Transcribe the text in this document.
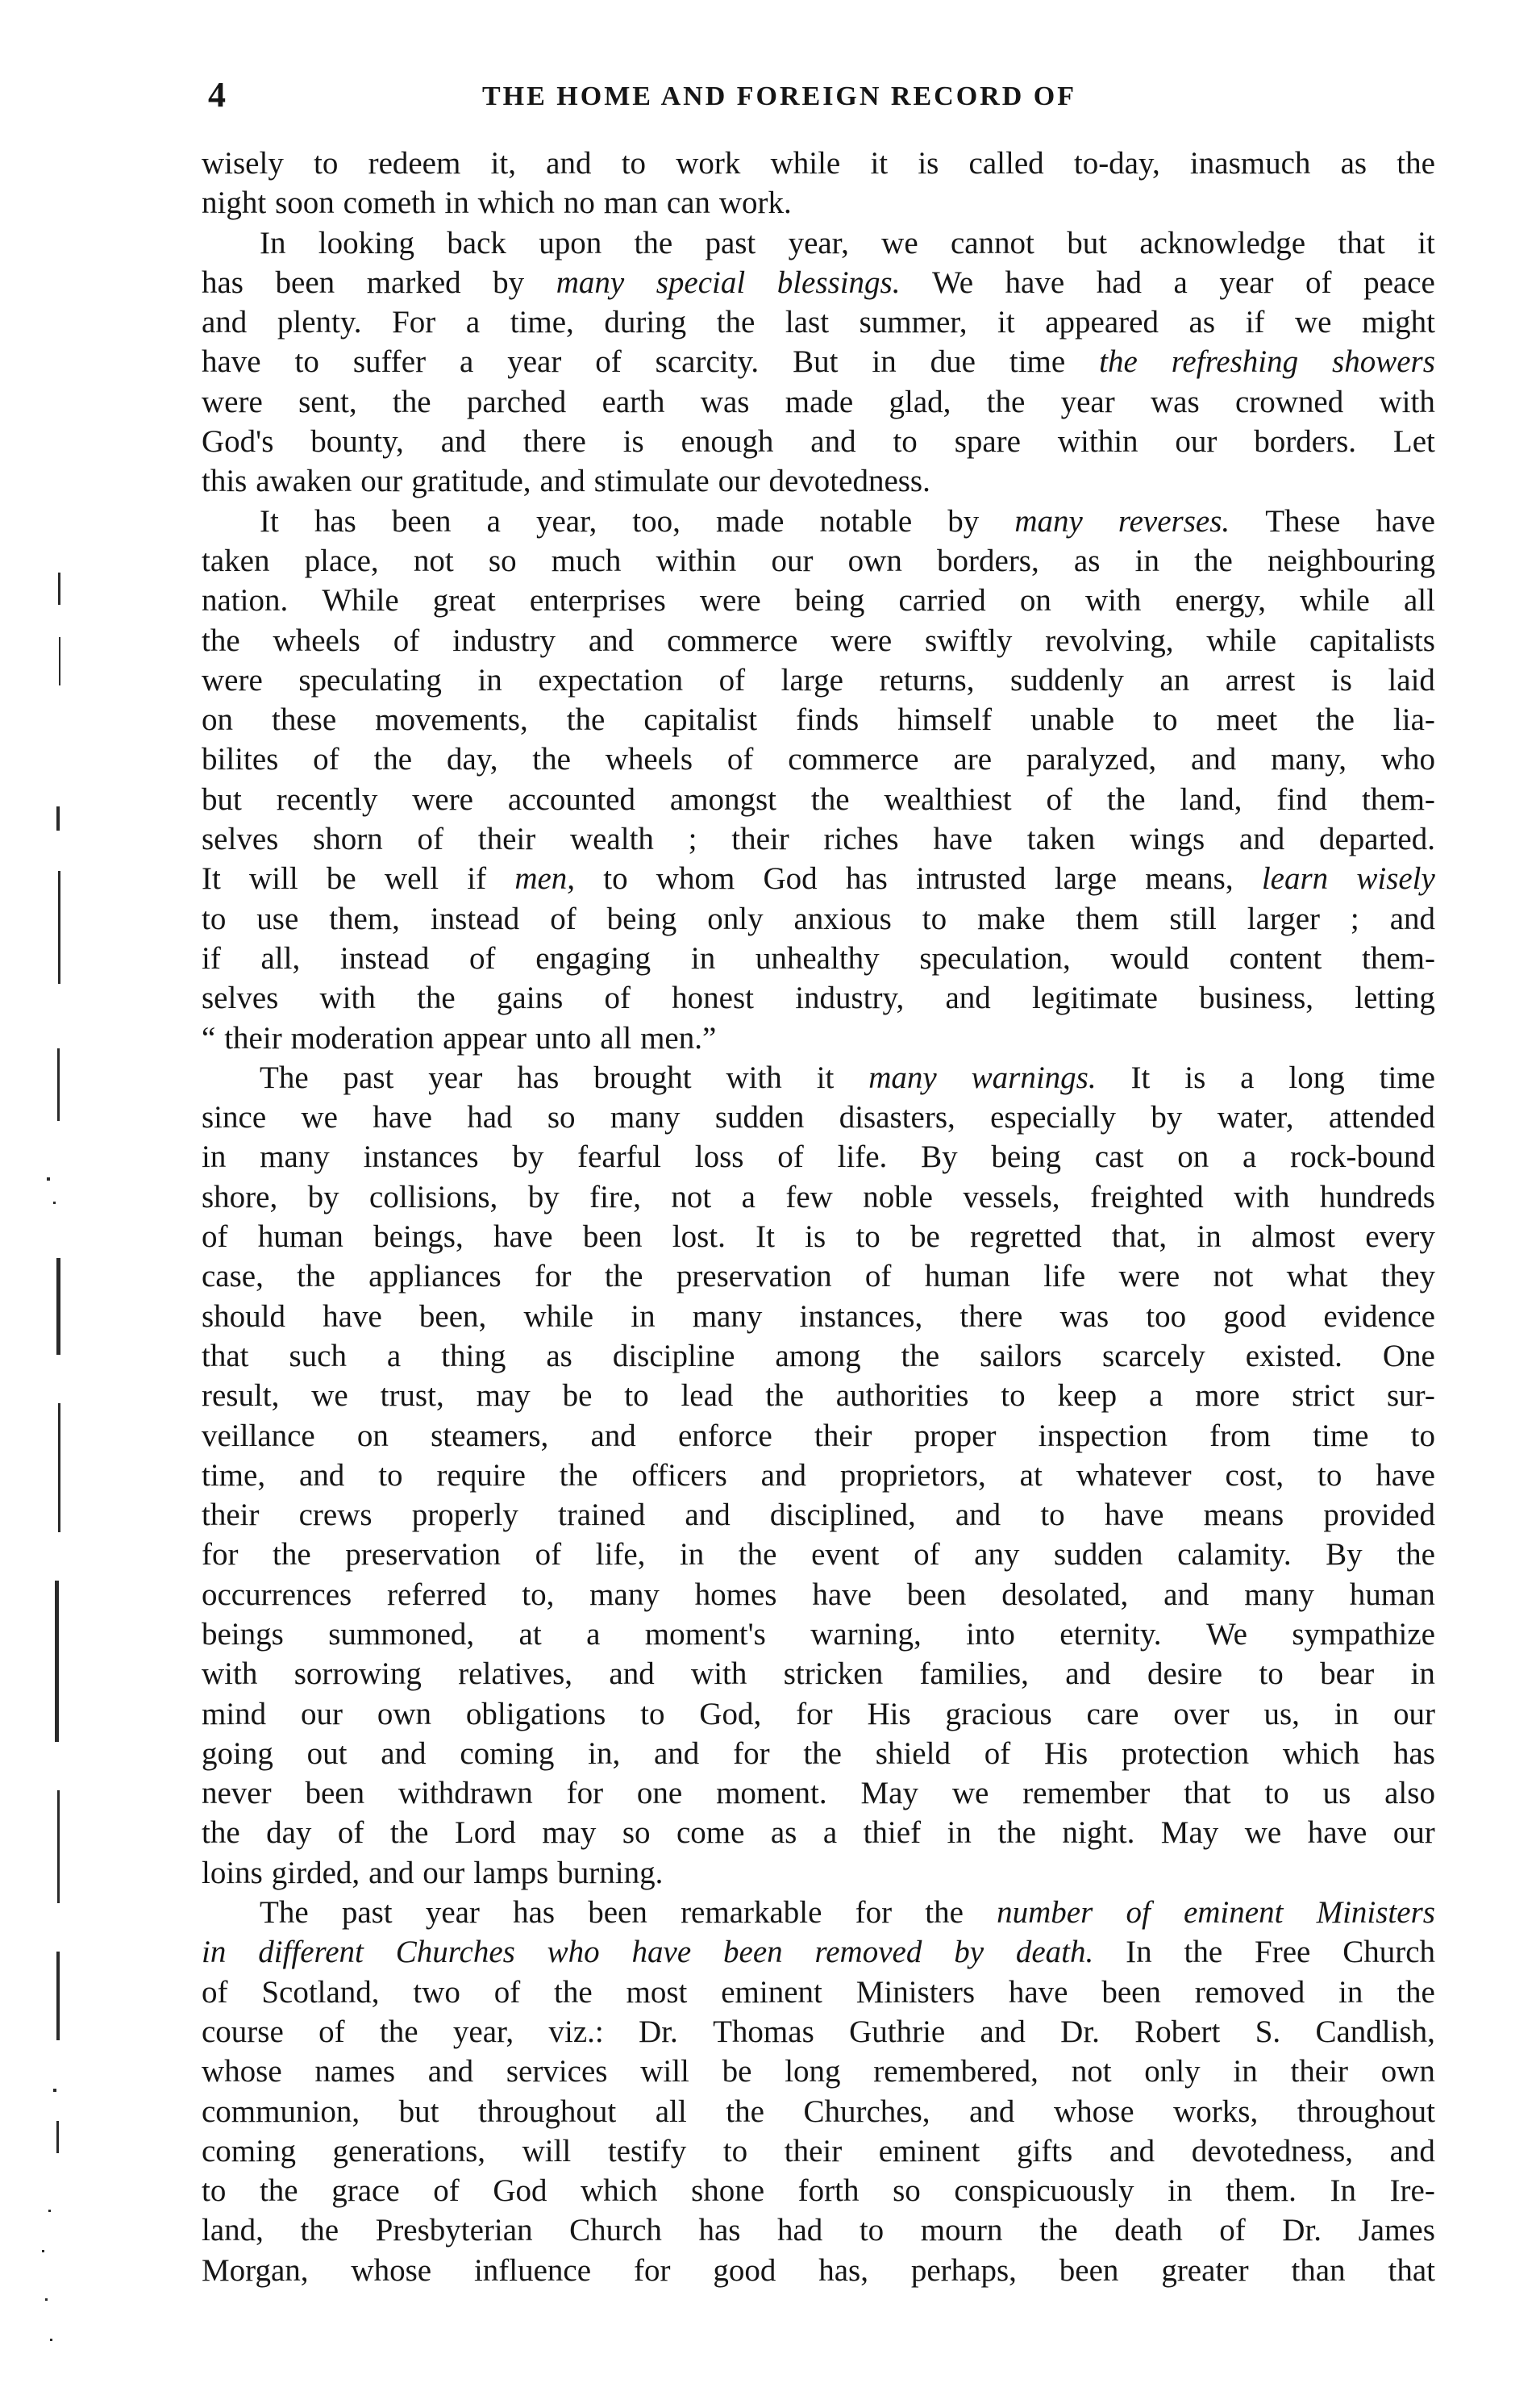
4	THE HOME AND FOREIGN RECORD OF
wisely to redeem it, and to work while it is called to-day, inasmuch as the
night soon cometh in which no man can work.
In looking back upon the past year, we cannot but acknowledge that it
has been marked by many special blessings. We have had a year of peace
and plenty. For a time, during the last summer, it appeared as if we might
have to suffer a year of scarcity. But in due time the refreshing showers
were sent, the parched earth was made glad, the year was crowned with
God's bounty, and there is enough and to spare within our borders. Let
this awaken our gratitude, and stimulate our devotedness.
It has been a year, too, made notable by many reverses. These have
taken place, not so much within our own borders, as in the neighbouring
nation. While great enterprises were being carried on with energy, while all
the wheels of industry and commerce were swiftly revolving, while capitalists
were speculating in expectation of large returns, suddenly an arrest is laid
on these movements, the capitalist finds himself unable to meet the lia-
bilites of the day, the wheels of commerce are paralyzed, and many, who
but recently were accounted amongst the wealthiest of the land, find them-
selves shorn of their wealth ; their riches have taken wings and departed.
It will be well if men, to whom God has intrusted large means, learn wisely
to use them, instead of being only anxious to make them still larger ; and
if all, instead of engaging in unhealthy speculation, would content them-
selves with the gains of honest industry, and legitimate business, letting
“ their moderation appear unto all men.”
The past year has brought with it many warnings. It is a long time
since we have had so many sudden disasters, especially by water, attended
in many instances by fearful loss of life. By being cast on a rock-bound
shore, by collisions, by fire, not a few noble vessels, freighted with hundreds
of human beings, have been lost. It is to be regretted that, in almost every
case, the appliances for the preservation of human life were not what they
should have been, while in many instances, there was too good evidence
that such a thing as discipline among the sailors scarcely existed. One
result, we trust, may be to lead the authorities to keep a more strict sur-
veillance on steamers, and enforce their proper inspection from time to
time, and to require the officers and proprietors, at whatever cost, to have
their crews properly trained and disciplined, and to have means provided
for the preservation of life, in the event of any sudden calamity. By the
occurrences referred to, many homes have been desolated, and many human
beings summoned, at a moment's warning, into eternity. We sympathize
with sorrowing relatives, and with stricken families, and desire to bear in
mind our own obligations to God, for His gracious care over us, in our
going out and coming in, and for the shield of His protection which has
never been withdrawn for one moment. May we remember that to us also
the day of the Lord may so come as a thief in the night. May we have our
loins girded, and our lamps burning.
The past year has been remarkable for the number of eminent Ministers
in different Churches who have been removed by death. In the Free Church
of Scotland, two of the most eminent Ministers have been removed in the
course of the year, viz.: Dr. Thomas Guthrie and Dr. Robert S. Candlish,
whose names and services will be long remembered, not only in their own
communion, but throughout all the Churches, and whose works, throughout
coming generations, will testify to their eminent gifts and devotedness, and
to the grace of God which shone forth so conspicuously in them. In Ire-
land, the Presbyterian Church has had to mourn the death of Dr. James
Morgan, whose influence for good has, perhaps, been greater than that
